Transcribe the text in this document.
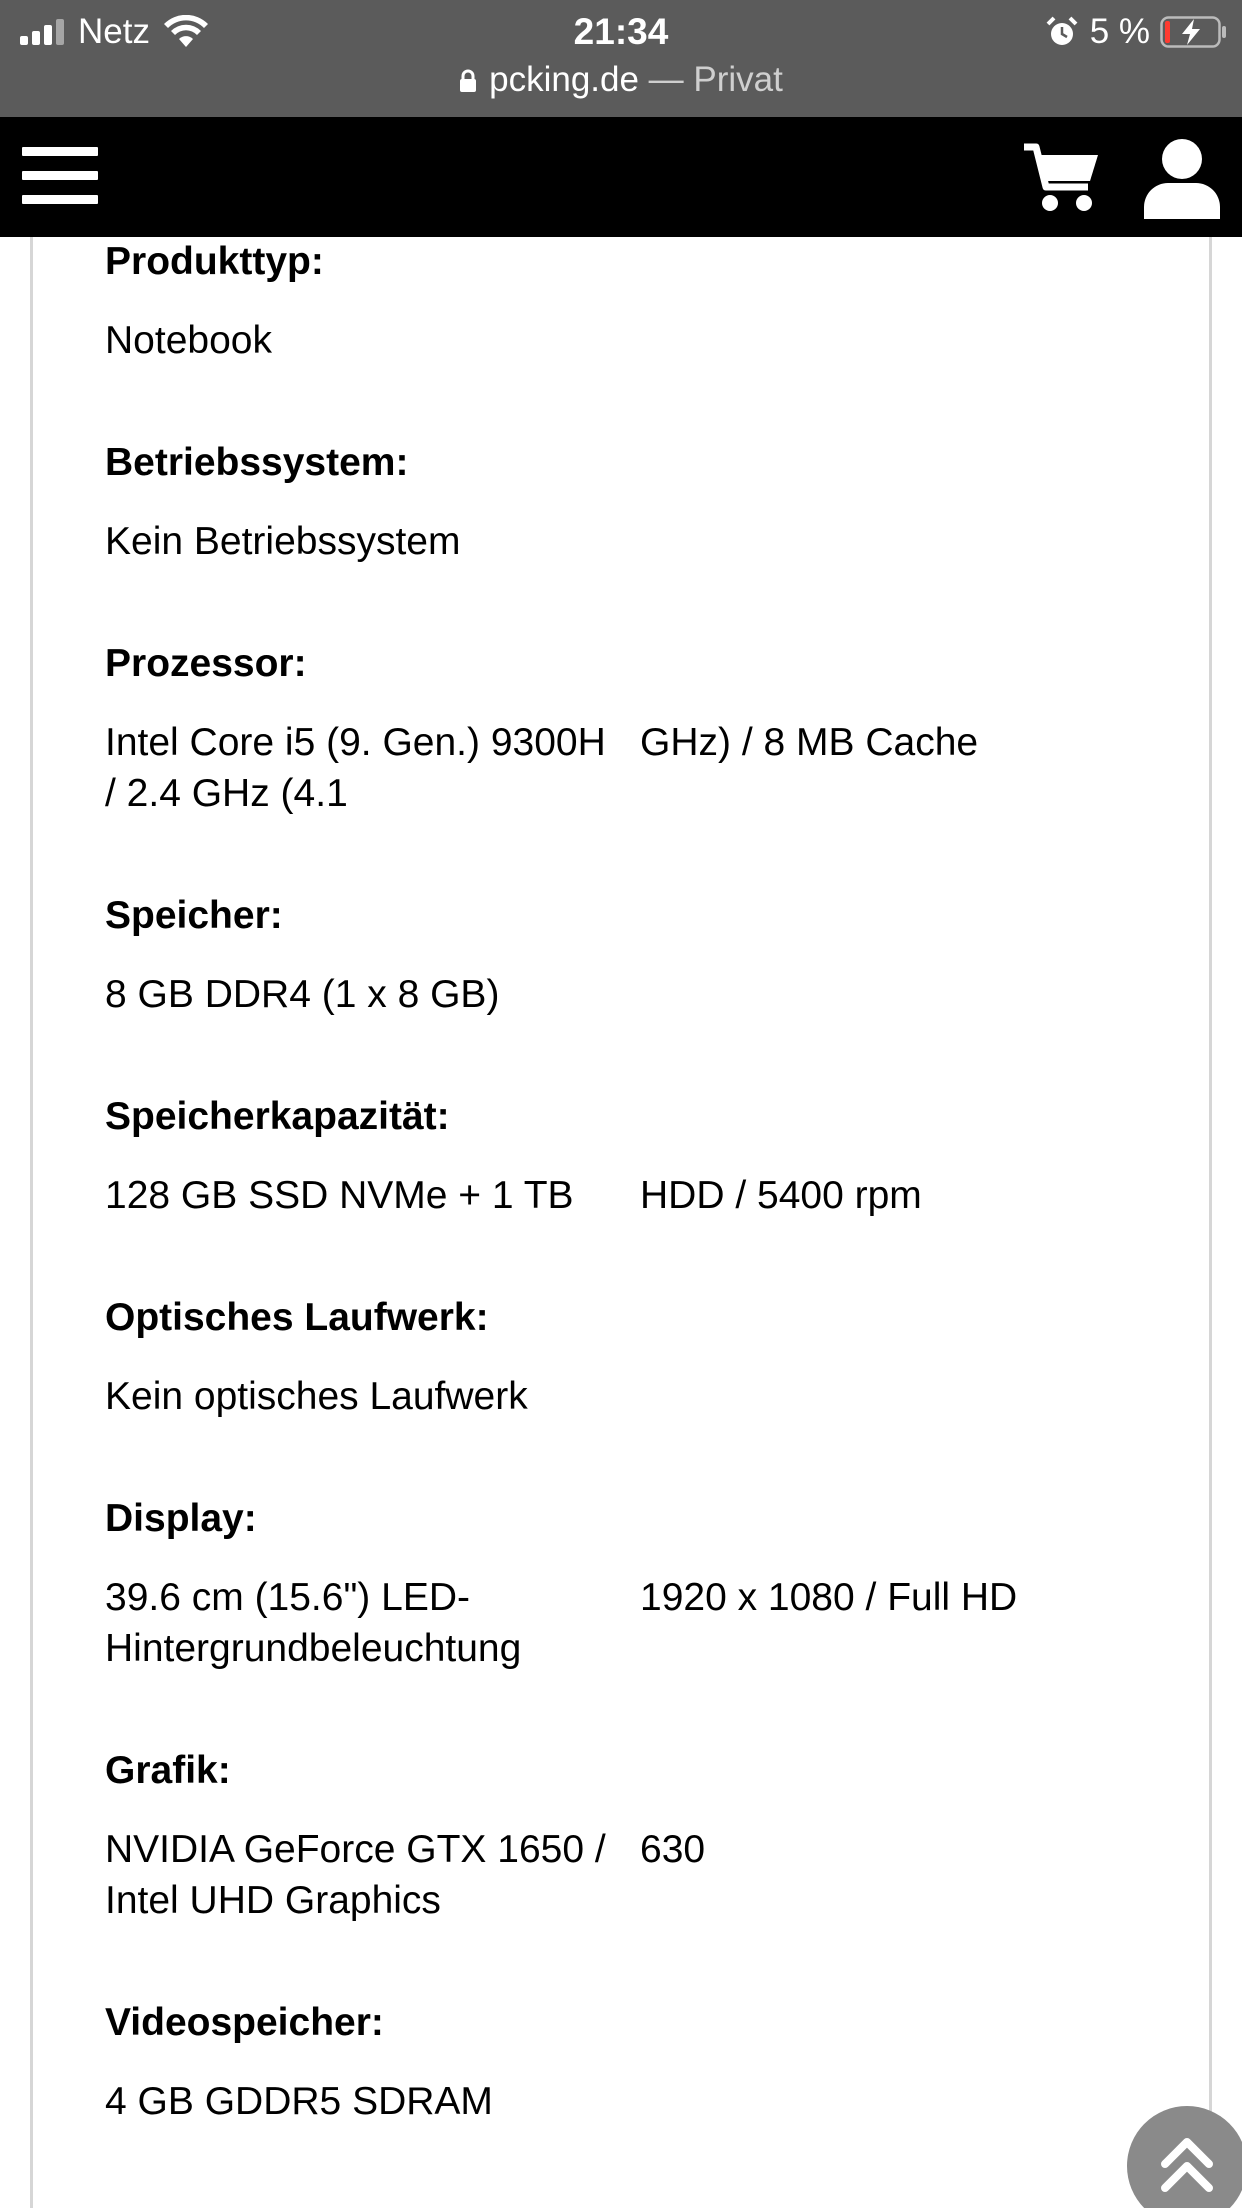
Netz	21:34	5 %
pcking.de — Privat
Produkttyp:
Notebook
Betriebssystem:
Kein Betriebssystem
Prozessor:
Intel Core i5 (9. Gen.) 9300H / 2.4 GHz (4.1
GHz) / 8 MB Cache
Speicher:
8 GB DDR4 (1 x 8 GB)
Speicherkapazität:
128 GB SSD NVMe + 1 TB	HDD / 5400 rpm
Optisches Laufwerk:
Kein optisches Laufwerk
Display:
39.6 cm (15.6") LED-Hintergrundbeleuchtung
1920 x 1080 / Full HD
Grafik:
NVIDIA GeForce GTX 1650 / Intel UHD Graphics
630
Videospeicher:
4 GB GDDR5 SDRAM
